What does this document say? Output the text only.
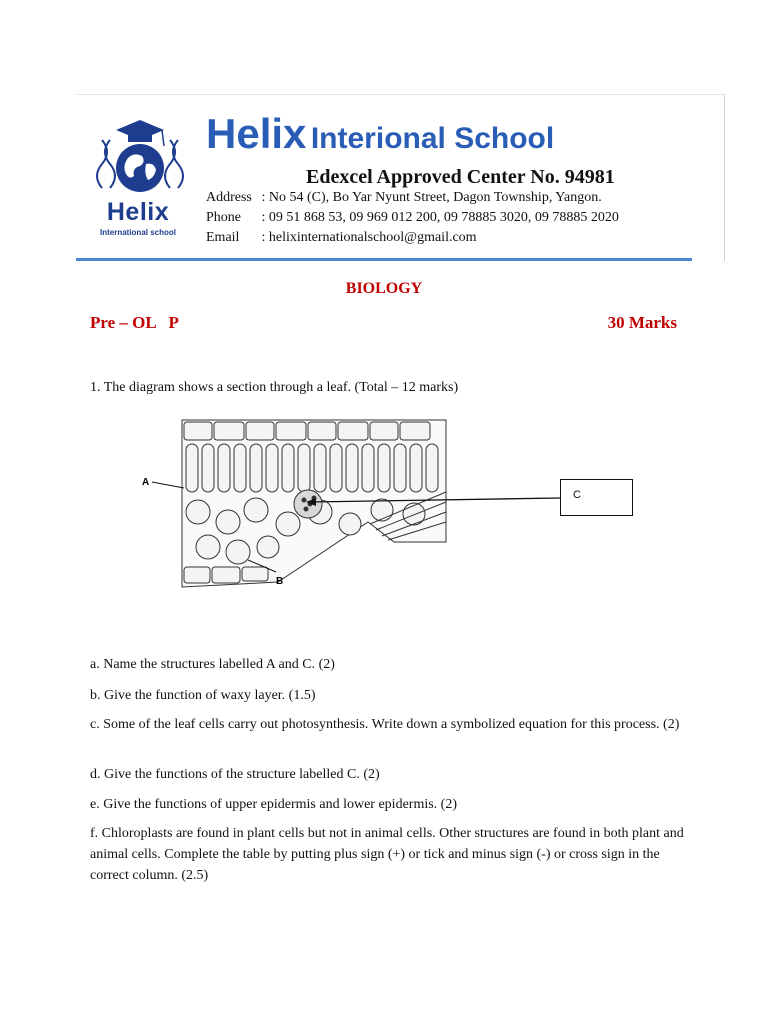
Helix
International school
Helix Interional School
Edexcel Approved Center No. 94981
Address : No 54 (C), Bo Yar Nyunt Street, Dagon Township, Yangon.
Phone : 09 51 868 53, 09 969 012 200, 09 78885 3020, 09 78885 2020
Email : helixinternationalschool@gmail.com
BIOLOGY
Pre – OL   P	30 Marks
1. The diagram shows a section through a leaf. (Total – 12 marks)
A
B
C
a. Name the structures labelled A and C. (2)
b. Give the function of waxy layer. (1.5)
c. Some of the leaf cells carry out photosynthesis. Write down a symbolized equation for this process. (2)
d. Give the functions of the structure labelled C. (2)
e. Give the functions of upper epidermis and lower epidermis. (2)
f. Chloroplasts are found in plant cells but not in animal cells. Other structures are found in both plant and animal cells. Complete the table by putting plus sign (+) or tick and minus sign (-) or cross sign in the correct column. (2.5)
